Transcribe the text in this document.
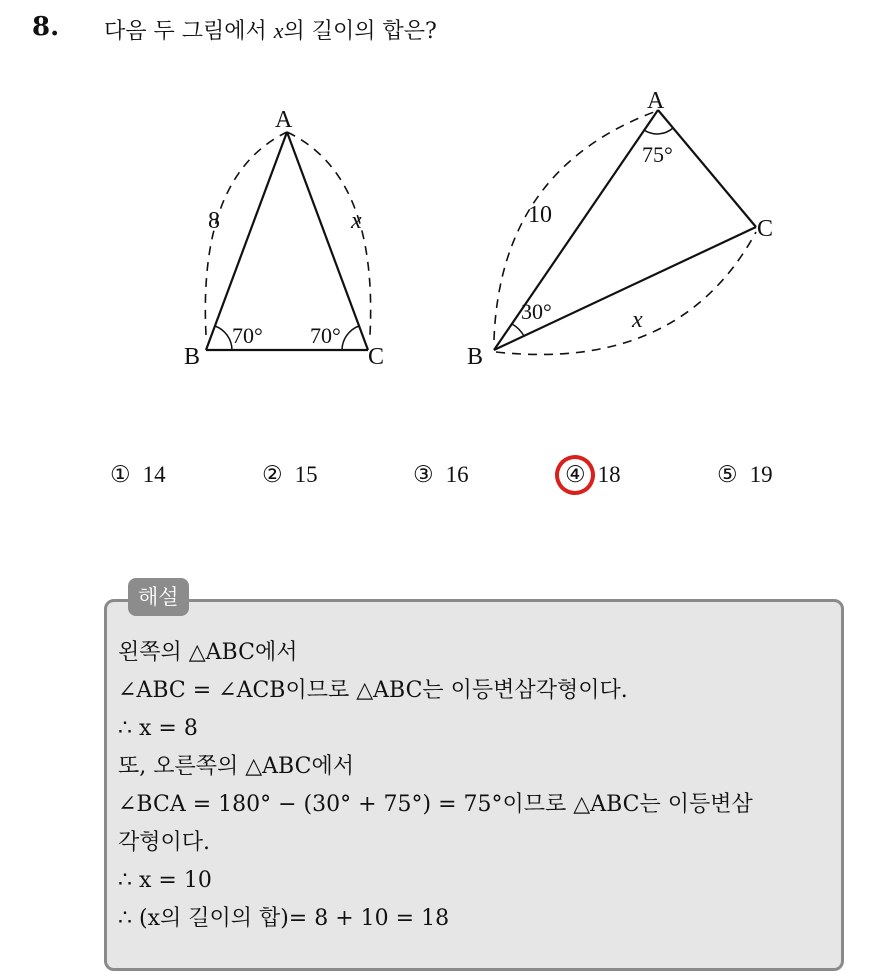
8. 다음 두 그림에서 x의 길이의 합은?
A
B	C
8	x
70° 70°
A
B
C
10
x
75°
30°
① 14	② 15	③ 16	④ 18	⑤ 19
해설
왼쪽의 △ABC에서
∠ABC = ∠ACB이므로 △ABC는 이등변삼각형이다.
∴ x = 8
또, 오른쪽의 △ABC에서
∠BCA = 180° − (30° + 75°) = 75°이므로 △ABC는 이등변삼
각형이다.
∴ x = 10
∴ (x의 길이의 합)= 8 + 10 = 18
